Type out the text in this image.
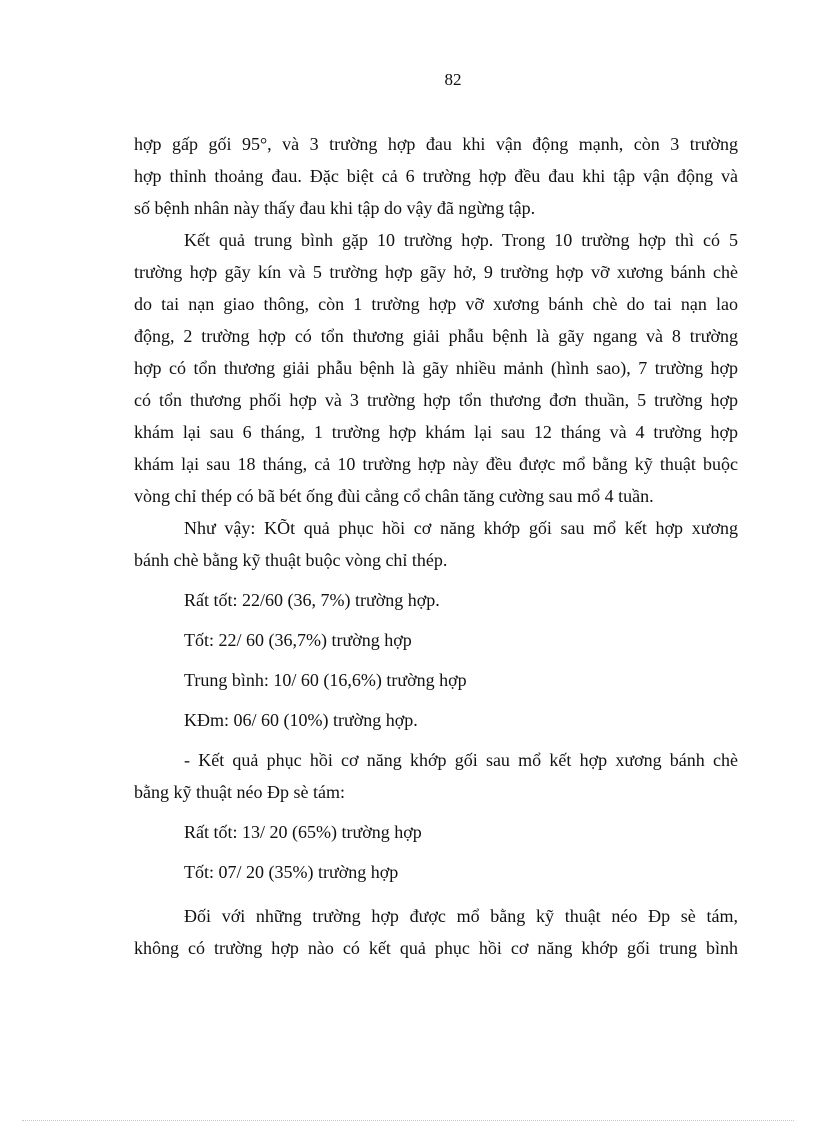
82
hợp gấp gối 95°, và 3 trường hợp đau khi vận động mạnh, còn 3 trường
hợp thỉnh thoảng đau. Đặc biệt cả 6 trường hợp đều đau khi tập vận động và
số bệnh nhân này thấy đau khi tập do vậy đã ngừng tập.
Kết quả trung bình gặp 10 trường hợp. Trong 10 trường hợp thì có 5
trường hợp gãy kín và 5 trường hợp gãy hở, 9 trường hợp vỡ xương bánh chè
do tai nạn giao thông, còn 1 trường hợp vỡ xương bánh chè do tai nạn lao
động, 2 trường hợp có tổn thương giải phẫu bệnh là gãy ngang và 8 trường
hợp có tổn thương giải phẫu bệnh là gãy nhiều mảnh (hình sao), 7 trường hợp
có tổn thương phối hợp và 3 trường hợp tổn thương đơn thuần, 5 trường hợp
khám lại sau 6 tháng, 1 trường hợp khám lại sau 12 tháng và 4 trường hợp
khám lại sau 18 tháng, cả 10 trường hợp này đều được mổ bằng kỹ thuật buộc
vòng chỉ thép có bã bét ống đùi cẳng cổ chân tăng cường sau mổ 4 tuần.
Như vậy: KÕt quả phục hồi cơ năng khớp gối sau mổ kết hợp xương
bánh chè bằng kỹ thuật buộc vòng chỉ thép.
Rất tốt: 22/60 (36, 7%) trường hợp.
Tốt: 22/ 60 (36,7%) trường hợp
Trung bình: 10/ 60 (16,6%) trường hợp
KĐm: 06/ 60 (10%) trường hợp.
- Kết quả phục hồi cơ năng khớp gối sau mổ kết hợp xương bánh chè
bằng kỹ thuật néo Ðp sè tám:
Rất tốt: 13/ 20 (65%) trường hợp
Tốt: 07/ 20 (35%) trường hợp
Đối với những trường hợp được mổ bằng kỹ thuật néo Ðp sè tám,
không có trường hợp nào có kết quả phục hồi cơ năng khớp gối trung bình
